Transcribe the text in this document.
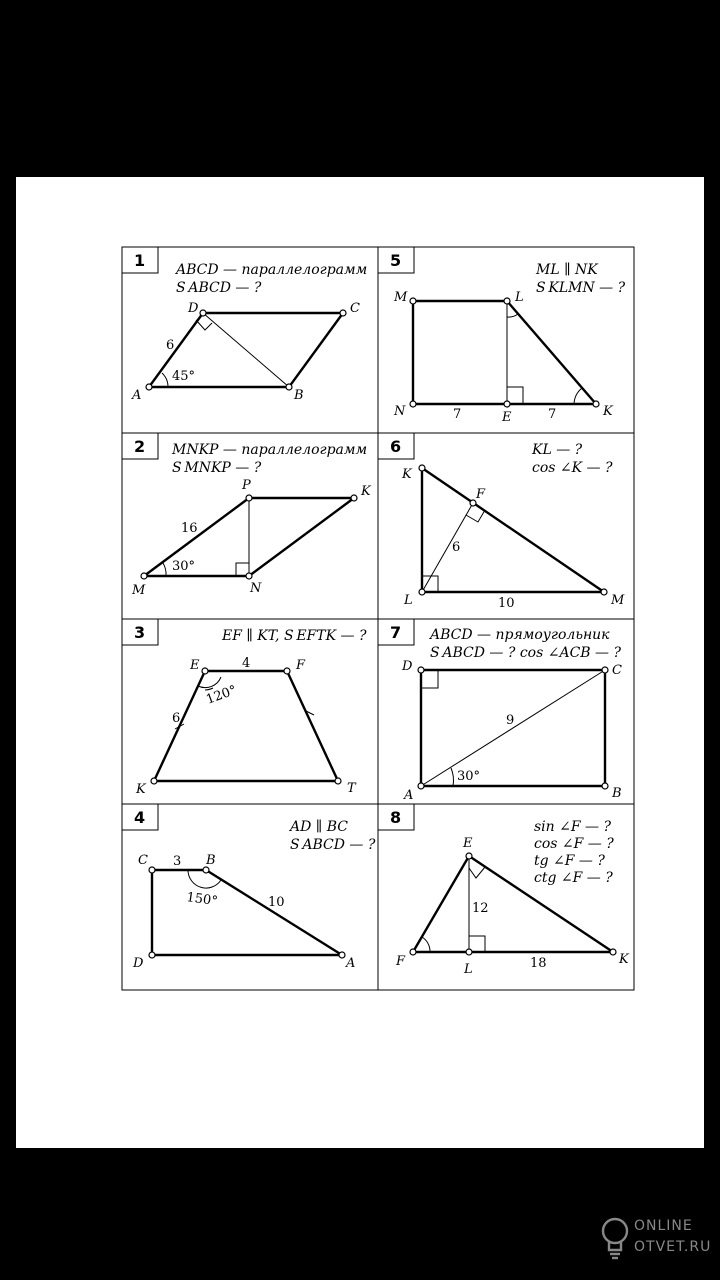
1 ABCD — параллелограмм
S ABCD — ?
A	B
C
D
6
45°
2 MNKP — параллелограмм
S MNKP — ?
M	N
K
P
16
30°
3	EF ∥ KT, S EFTK — ?
E	F
K	T
4
6
120°
4	AD ∥ BC
S ABCD — ?
C	B
D	A
3
10
150°
5	ML ∥ NK
S KLMN — ?
M	L
N	E	K
7	7
6	KL — ?
cos ∠K — ?
K
F
L	M
6
10
7 ABCD — прямоугольник
S ABCD — ? cos ∠ACB — ?
D	C
B
A
9
30°
8	sin ∠F — ?
cos ∠F — ?
tg ∠F — ?
ctg ∠F — ?
E
F
L
K
12
18
ONLINE
OTVET.RU
